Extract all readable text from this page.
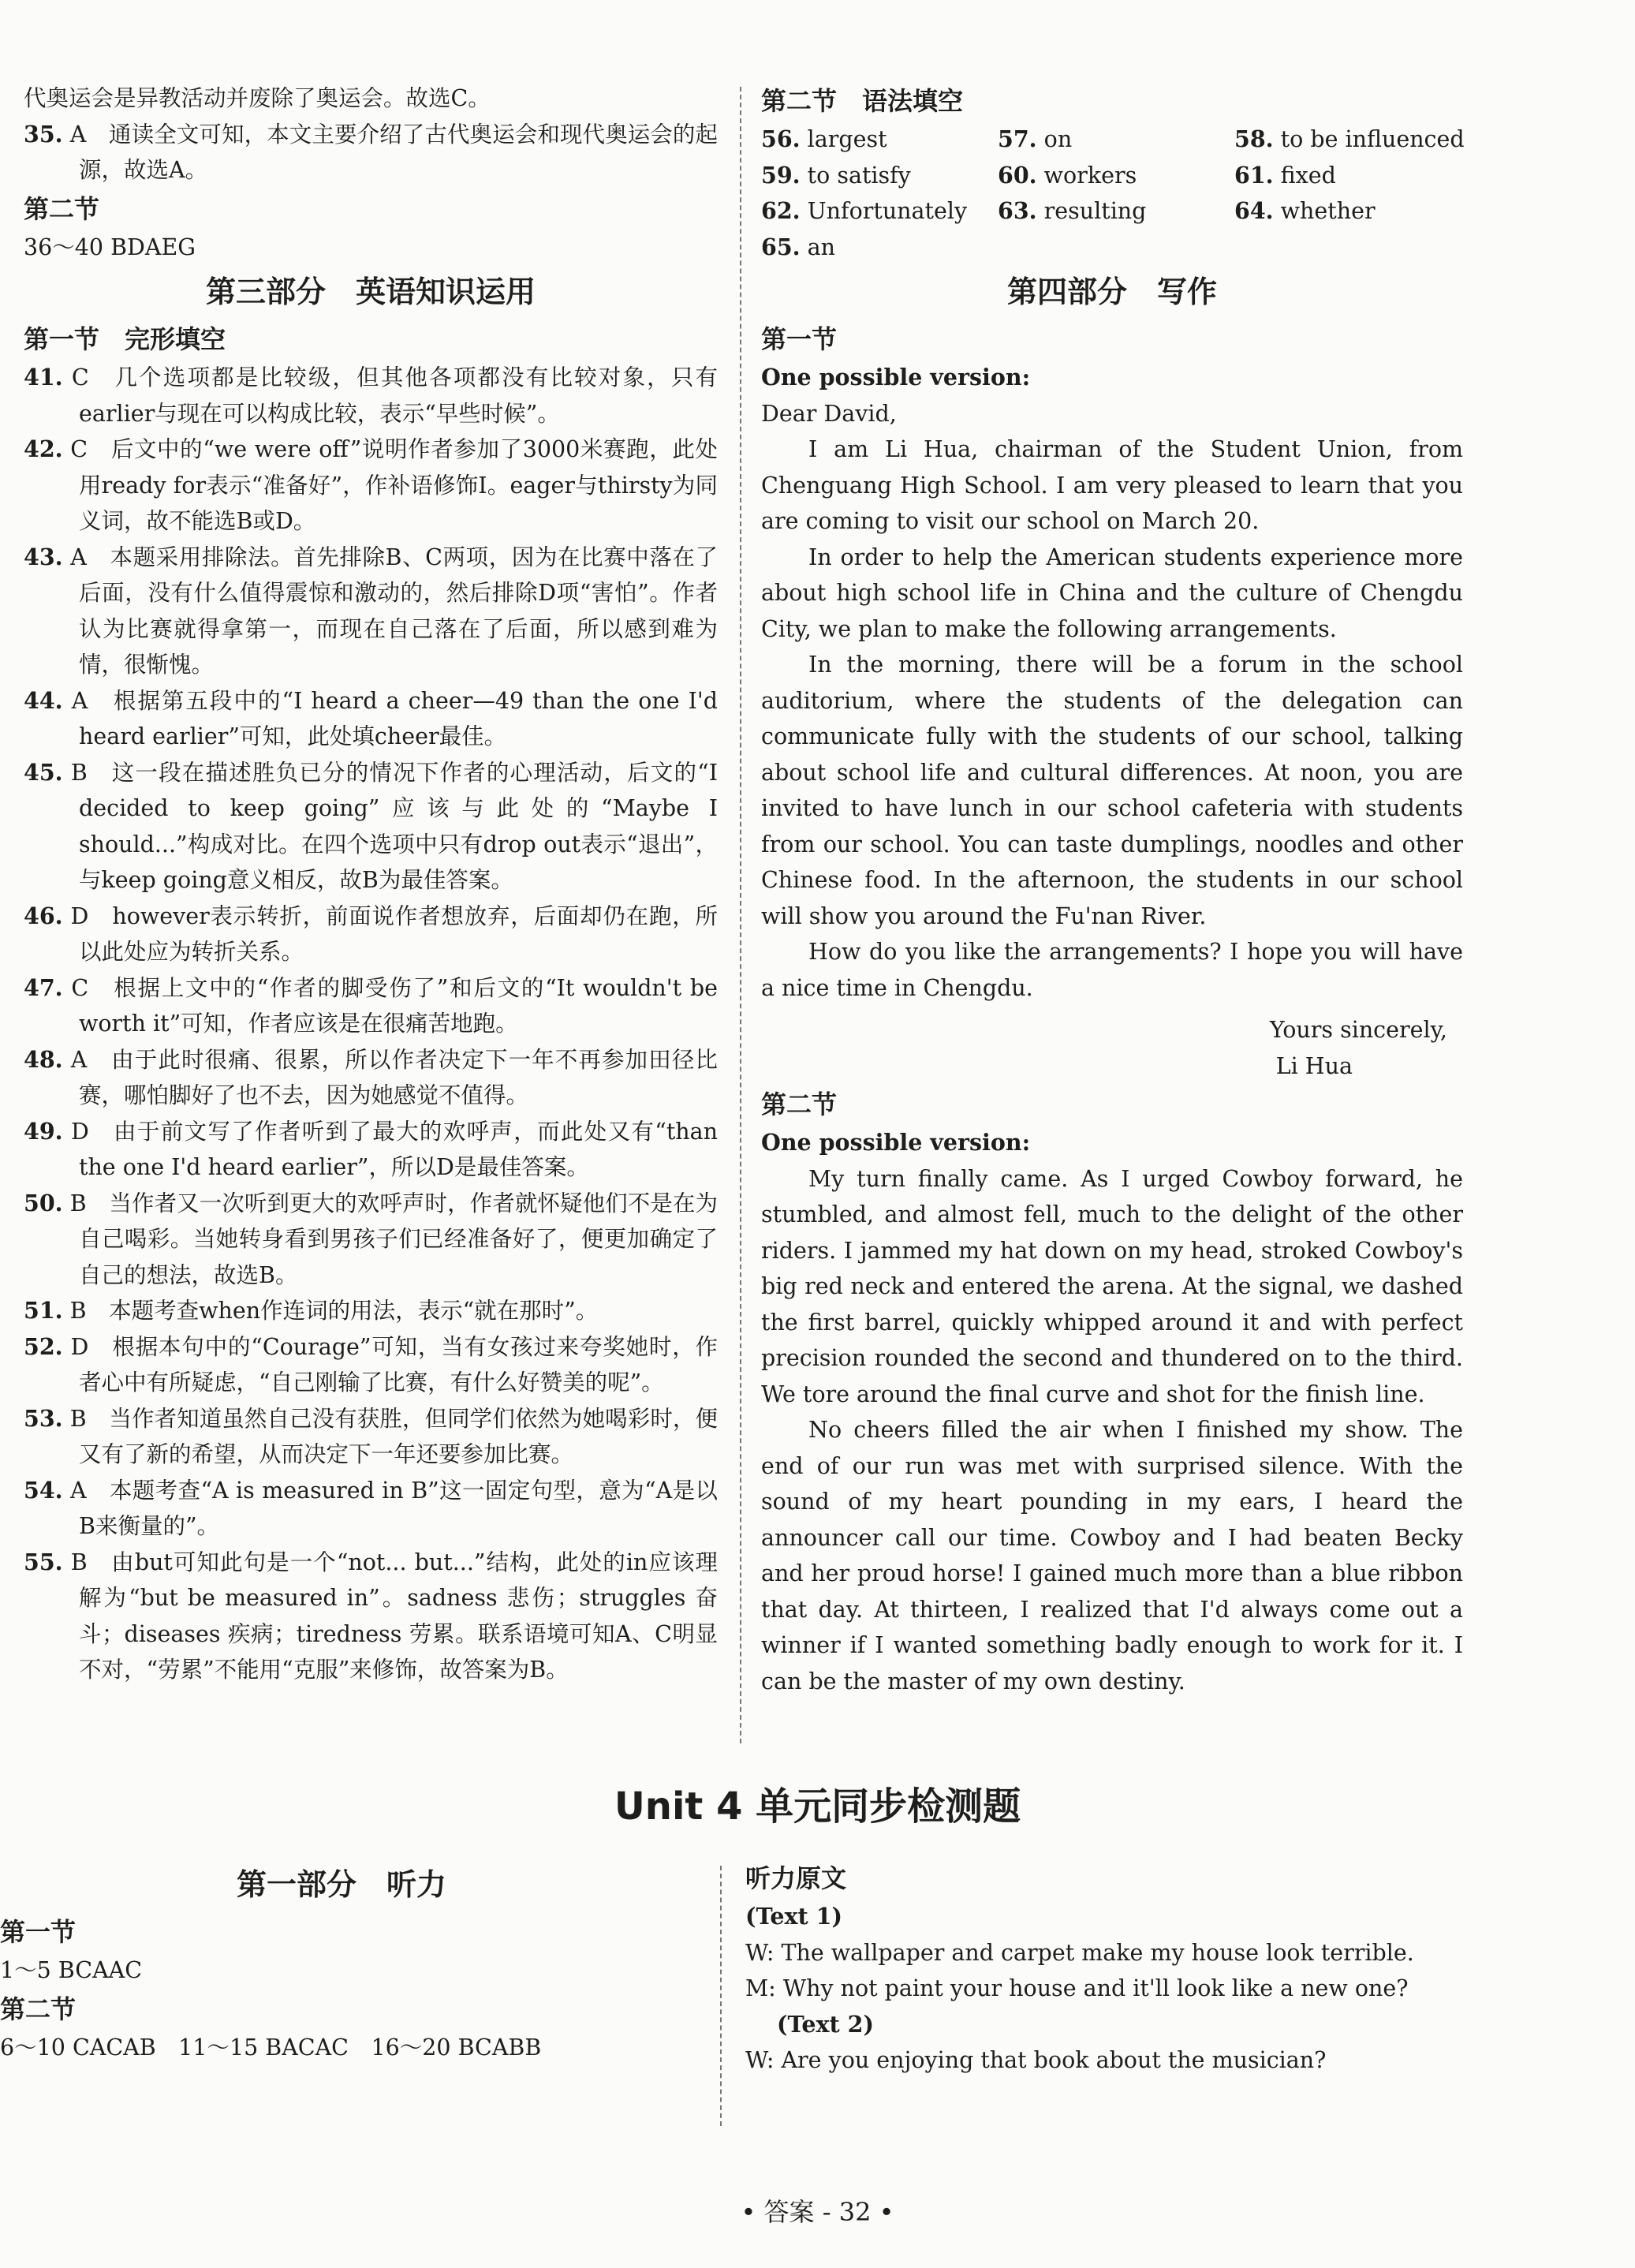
代奥运会是异教活动并废除了奥运会。故选C。

35. A　通读全文可知，本文主要介绍了古代奥运会和现代奥运会的起源，故选A。

第二节

36～40 BDAEG

第三部分　英语知识运用

第一节　完形填空

41. C　几个选项都是比较级，但其他各项都没有比较对象，只有earlier与现在可以构成比较，表示“早些时候”。

42. C　后文中的“we were off”说明作者参加了3000米赛跑，此处用ready for表示“准备好”，作补语修饰I。eager与thirsty为同义词，故不能选B或D。

43. A　本题采用排除法。首先排除B、C两项，因为在比赛中落在了后面，没有什么值得震惊和激动的，然后排除D项“害怕”。作者认为比赛就得拿第一，而现在自己落在了后面，所以感到难为情，很惭愧。

44. A　根据第五段中的“I heard a cheer—49 than the one I'd heard earlier”可知，此处填cheer最佳。

45. B　这一段在描述胜负已分的情况下作者的心理活动，后文的“I decided to keep going”应该与此处的“Maybe I should...”构成对比。在四个选项中只有drop out表示“退出”，与keep going意义相反，故B为最佳答案。

46. D　however表示转折，前面说作者想放弃，后面却仍在跑，所以此处应为转折关系。

47. C　根据上文中的“作者的脚受伤了”和后文的“It wouldn't be worth it”可知，作者应该是在很痛苦地跑。

48. A　由于此时很痛、很累，所以作者决定下一年不再参加田径比赛，哪怕脚好了也不去，因为她感觉不值得。

49. D　由于前文写了作者听到了最大的欢呼声，而此处又有“than the one I'd heard earlier”，所以D是最佳答案。

50. B　当作者又一次听到更大的欢呼声时，作者就怀疑他们不是在为自己喝彩。当她转身看到男孩子们已经准备好了，便更加确定了自己的想法，故选B。

51. B　本题考查when作连词的用法，表示“就在那时”。

52. D　根据本句中的“Courage”可知，当有女孩过来夸奖她时，作者心中有所疑虑，“自己刚输了比赛，有什么好赞美的呢”。

53. B　当作者知道虽然自己没有获胜，但同学们依然为她喝彩时，便又有了新的希望，从而决定下一年还要参加比赛。

54. A　本题考查“A is measured in B”这一固定句型，意为“A是以B来衡量的”。

55. B　由but可知此句是一个“not... but...”结构，此处的in应该理解为“but be measured in”。sadness 悲伤；struggles 奋斗；diseases 疾病；tiredness 劳累。联系语境可知A、C明显不对，“劳累”不能用“克服”来修饰，故答案为B。

第二节　语法填空

56. largest	57. on	58. to be influenced

59. to satisfy	60. workers	61. fixed

62. Unfortunately	63. resulting	64. whether

65. an

第四部分　写作

第一节

One possible version:

Dear David,

I am Li Hua, chairman of the Student Union, from Chenguang High School. I am very pleased to learn that you are coming to visit our school on March 20.

In order to help the American students experience more about high school life in China and the culture of Chengdu City, we plan to make the following arrangements.

In the morning, there will be a forum in the school auditorium, where the students of the delegation can communicate fully with the students of our school, talking about school life and cultural differences. At noon, you are invited to have lunch in our school cafeteria with students from our school. You can taste dumplings, noodles and other Chinese food. In the afternoon, the students in our school will show you around the Fu'nan River.

How do you like the arrangements? I hope you will have a nice time in Chengdu.

Yours sincerely,

Li Hua

第二节

One possible version:

My turn finally came. As I urged Cowboy forward, he stumbled, and almost fell, much to the delight of the other riders. I jammed my hat down on my head, stroked Cowboy's big red neck and entered the arena. At the signal, we dashed the first barrel, quickly whipped around it and with perfect precision rounded the second and thundered on to the third. We tore around the final curve and shot for the finish line.

No cheers filled the air when I finished my show. The end of our run was met with surprised silence. With the sound of my heart pounding in my ears, I heard the announcer call our time. Cowboy and I had beaten Becky and her proud horse! I gained much more than a blue ribbon that day. At thirteen, I realized that I'd always come out a winner if I wanted something badly enough to work for it. I can be the master of my own destiny.

Unit 4 单元同步检测题

第一部分　听力

第一节

1～5 BCAAC

第二节

6～10 CACAB　11～15 BACAC　16～20 BCABB

听力原文

(Text 1)

W: The wallpaper and carpet make my house look terrible.

M: Why not paint your house and it'll look like a new one?

(Text 2)

W: Are you enjoying that book about the musician?

• 答案 - 32 •
